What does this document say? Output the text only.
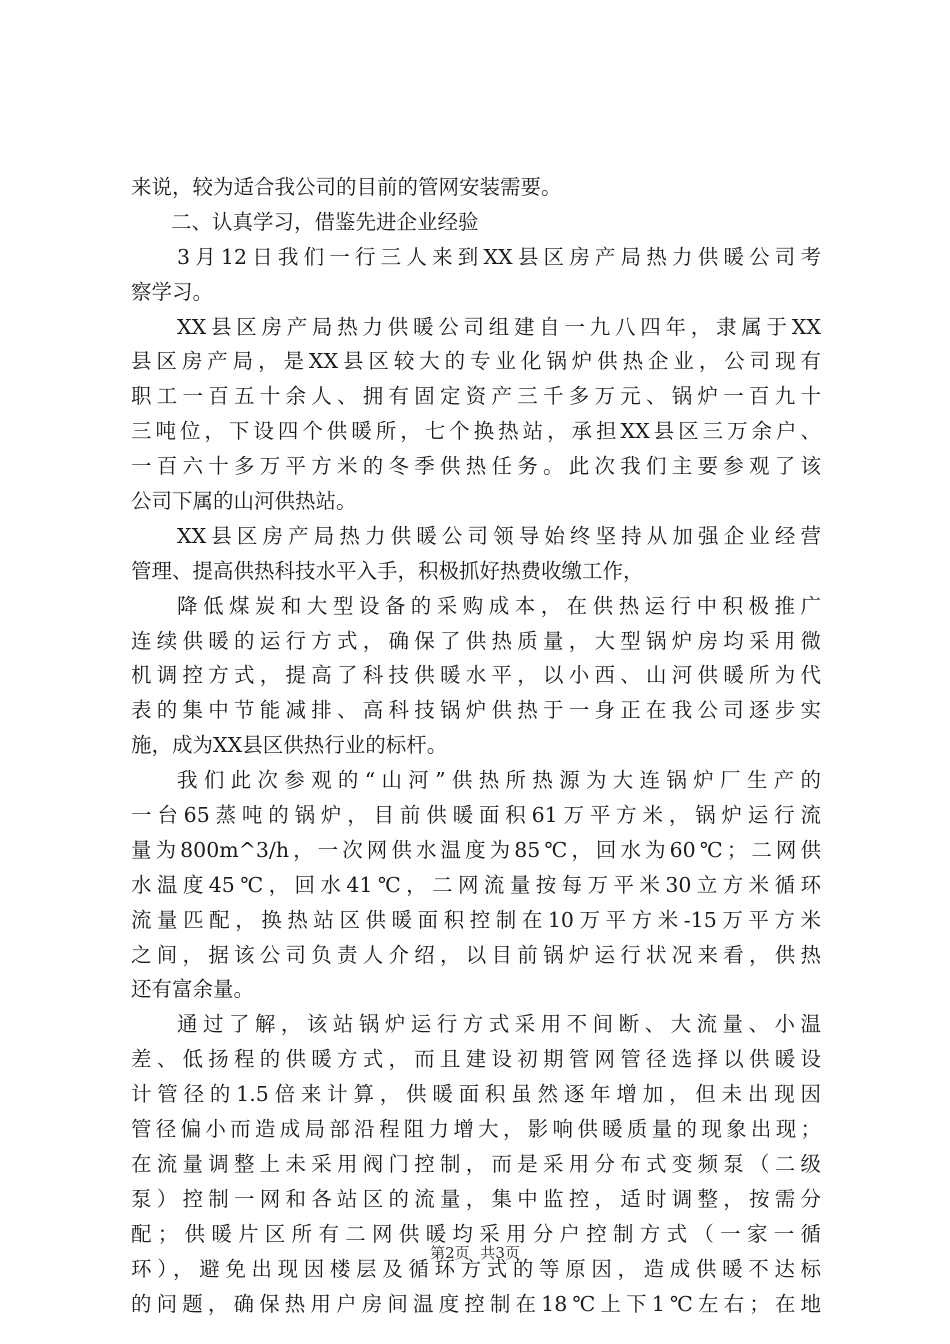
来说，较为适合我公司的目前的管网安装需要。
二、认真学习，借鉴先进企业经验
3月12日我们一行三人来到XX县区房产局热力供暖公司考
察学习。
XX县区房产局热力供暖公司组建自一九八四年，隶属于XX
县区房产局，是XX县区较大的专业化锅炉供热企业，公司现有
职工一百五十余人、拥有固定资产三千多万元、锅炉一百九十
三吨位，下设四个供暖所，七个换热站，承担XX县区三万余户、
一百六十多万平方米的冬季供热任务。此次我们主要参观了该
公司下属的山河供热站。
XX县区房产局热力供暖公司领导始终坚持从加强企业经营
管理、提高供热科技水平入手，积极抓好热费收缴工作，
降低煤炭和大型设备的采购成本，在供热运行中积极推广
连续供暖的运行方式，确保了供热质量，大型锅炉房均采用微
机调控方式，提高了科技供暖水平，以小西、山河供暖所为代
表的集中节能减排、高科技锅炉供热于一身正在我公司逐步实
施，成为XX县区供热行业的标杆。
我们此次参观的“山河”供热所热源为大连锅炉厂生产的
一台65蒸吨的锅炉，目前供暖面积61万平方米，锅炉运行流
量为800m^3/h，一次网供水温度为85℃，回水为60℃；二网供
水温度45℃，回水41℃，二网流量按每万平米30立方米循环
流量匹配，换热站区供暖面积控制在10万平方米-15万平方米
之间，据该公司负责人介绍，以目前锅炉运行状况来看，供热
还有富余量。
通过了解，该站锅炉运行方式采用不间断、大流量、小温
差、低扬程的供暖方式，而且建设初期管网管径选择以供暖设
计管径的1.5倍来计算，供暖面积虽然逐年增加，但未出现因
管径偏小而造成局部沿程阻力增大，影响供暖质量的现象出现；
在流量调整上未采用阀门控制，而是采用分布式变频泵（二级
泵）控制一网和各站区的流量，集中监控，适时调整，按需分
配；供暖片区所有二网供暖均采用分户控制方式（一家一循
环），避免出现因楼层及循环方式的等原因，造成供暖不达标
的问题，确保热用户房间温度控制在18℃上下1℃左右；在地
第2页 共3页
